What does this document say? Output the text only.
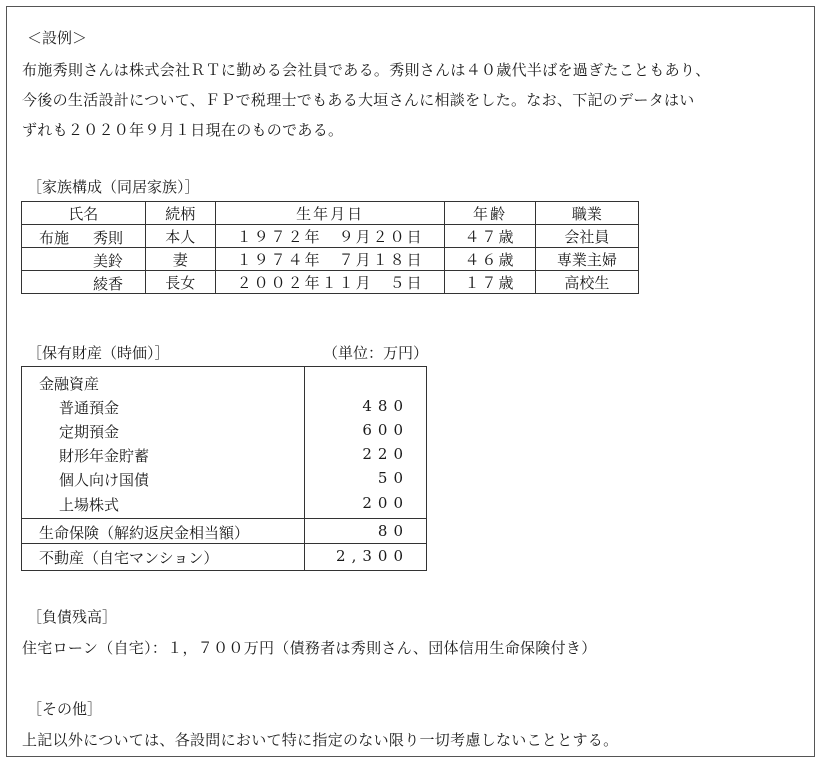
＜設例＞
布施秀則さんは株式会社ＲＴに勤める会社員である。秀則さんは４０歳代半ばを過ぎたこともあり、
今後の生活設計について、ＦＰで税理士でもある大垣さんに相談をした。なお、下記のデータはい
ずれも２０２０年９月１日現在のものである。
［家族構成（同居家族）］
氏名	続柄	生年月日	年齢	職業

布施 秀則	本人	１９７２年　９月２０日	４７歳	会社員

美鈴	妻	１９７４年　７月１８日	４６歳	専業主婦

綾香	長女	２００２年１１月　５日	１７歳	高校生
［保有財産（時価）］	（単位：万円）
金融資産
普通預金	480
定期預金	600
財形年金貯蓄	220
個人向け国債	50
上場株式	200
生命保険（解約返戻金相当額）	80
不動産（自宅マンション）	2,300
［負債残高］
住宅ローン（自宅）：１，７００万円（債務者は秀則さん、団体信用生命保険付き）
［その他］
上記以外については、各設問において特に指定のない限り一切考慮しないこととする。
